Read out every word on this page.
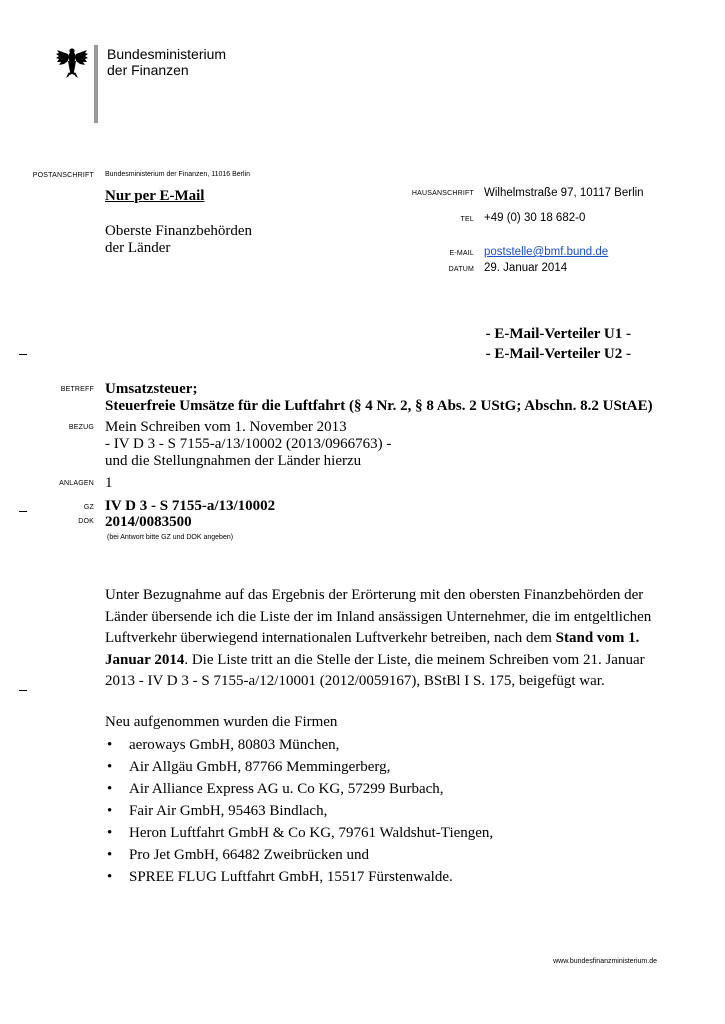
Bundesministerium
der Finanzen
POSTANSCHRIFT Bundesministerium der Finanzen, 11016 Berlin
Nur per E-Mail
Oberste Finanzbehörden
der Länder
HAUSANSCHRIFT Wilhelmstraße 97, 10117 Berlin
TEL +49 (0) 30 18 682-0
E-MAIL poststelle@bmf.bund.de
DATUM 29. Januar 2014
- E-Mail-Verteiler U1 -
- E-Mail-Verteiler U2 -
BETREFF Umsatzsteuer;
Steuerfreie Umsätze für die Luftfahrt (§ 4 Nr. 2, § 8 Abs. 2 UStG; Abschn. 8.2 UStAE)
BEZUG Mein Schreiben vom 1. November 2013
- IV D 3 - S 7155-a/13/10002 (2013/0966763) -
und die Stellungnahmen der Länder hierzu
ANLAGEN 1
GZ IV D 3 - S 7155-a/13/10002
DOK 2014/0083500
(bei Antwort bitte GZ und DOK angeben)
Unter Bezugnahme auf das Ergebnis der Erörterung mit den obersten Finanzbehörden der Länder übersende ich die Liste der im Inland ansässigen Unternehmer, die im entgeltlichen Luftverkehr überwiegend internationalen Luftverkehr betreiben, nach dem Stand vom 1. Januar 2014. Die Liste tritt an die Stelle der Liste, die meinem Schreiben vom 21. Januar 2013 - IV D 3 - S 7155-a/12/10001 (2012/0059167), BStBl I S. 175, beigefügt war.
Neu aufgenommen wurden die Firmen
• aeroways GmbH, 80803 München,
• Air Allgäu GmbH, 87766 Memmingerberg,
• Air Alliance Express AG u. Co KG, 57299 Burbach,
• Fair Air GmbH, 95463 Bindlach,
• Heron Luftfahrt GmbH & Co KG, 79761 Waldshut-Tiengen,
• Pro Jet GmbH, 66482 Zweibrücken und
• SPREE FLUG Luftfahrt GmbH, 15517 Fürstenwalde.
www.bundesfinanzministerium.de
